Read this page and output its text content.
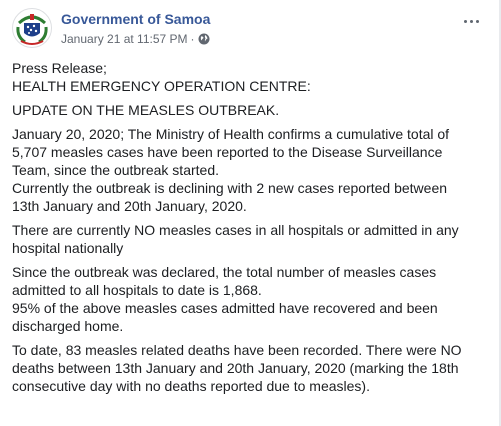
Government of Samoa
January 21 at 11:57 PM ·

Press Release;
HEALTH EMERGENCY OPERATION CENTRE:

UPDATE ON THE MEASLES OUTBREAK.

January 20, 2020; The Ministry of Health confirms a cumulative total of
5,707 measles cases have been reported to the Disease Surveillance
Team, since the outbreak started.
Currently the outbreak is declining with 2 new cases reported between
13th January and 20th January, 2020.

There are currently NO measles cases in all hospitals or admitted in any
hospital nationally

Since the outbreak was declared, the total number of measles cases
admitted to all hospitals to date is 1,868.
95% of the above measles cases admitted have recovered and been
discharged home.

To date, 83 measles related deaths have been recorded. There were NO
deaths between 13th January and 20th January, 2020 (marking the 18th
consecutive day with no deaths reported due to measles).
